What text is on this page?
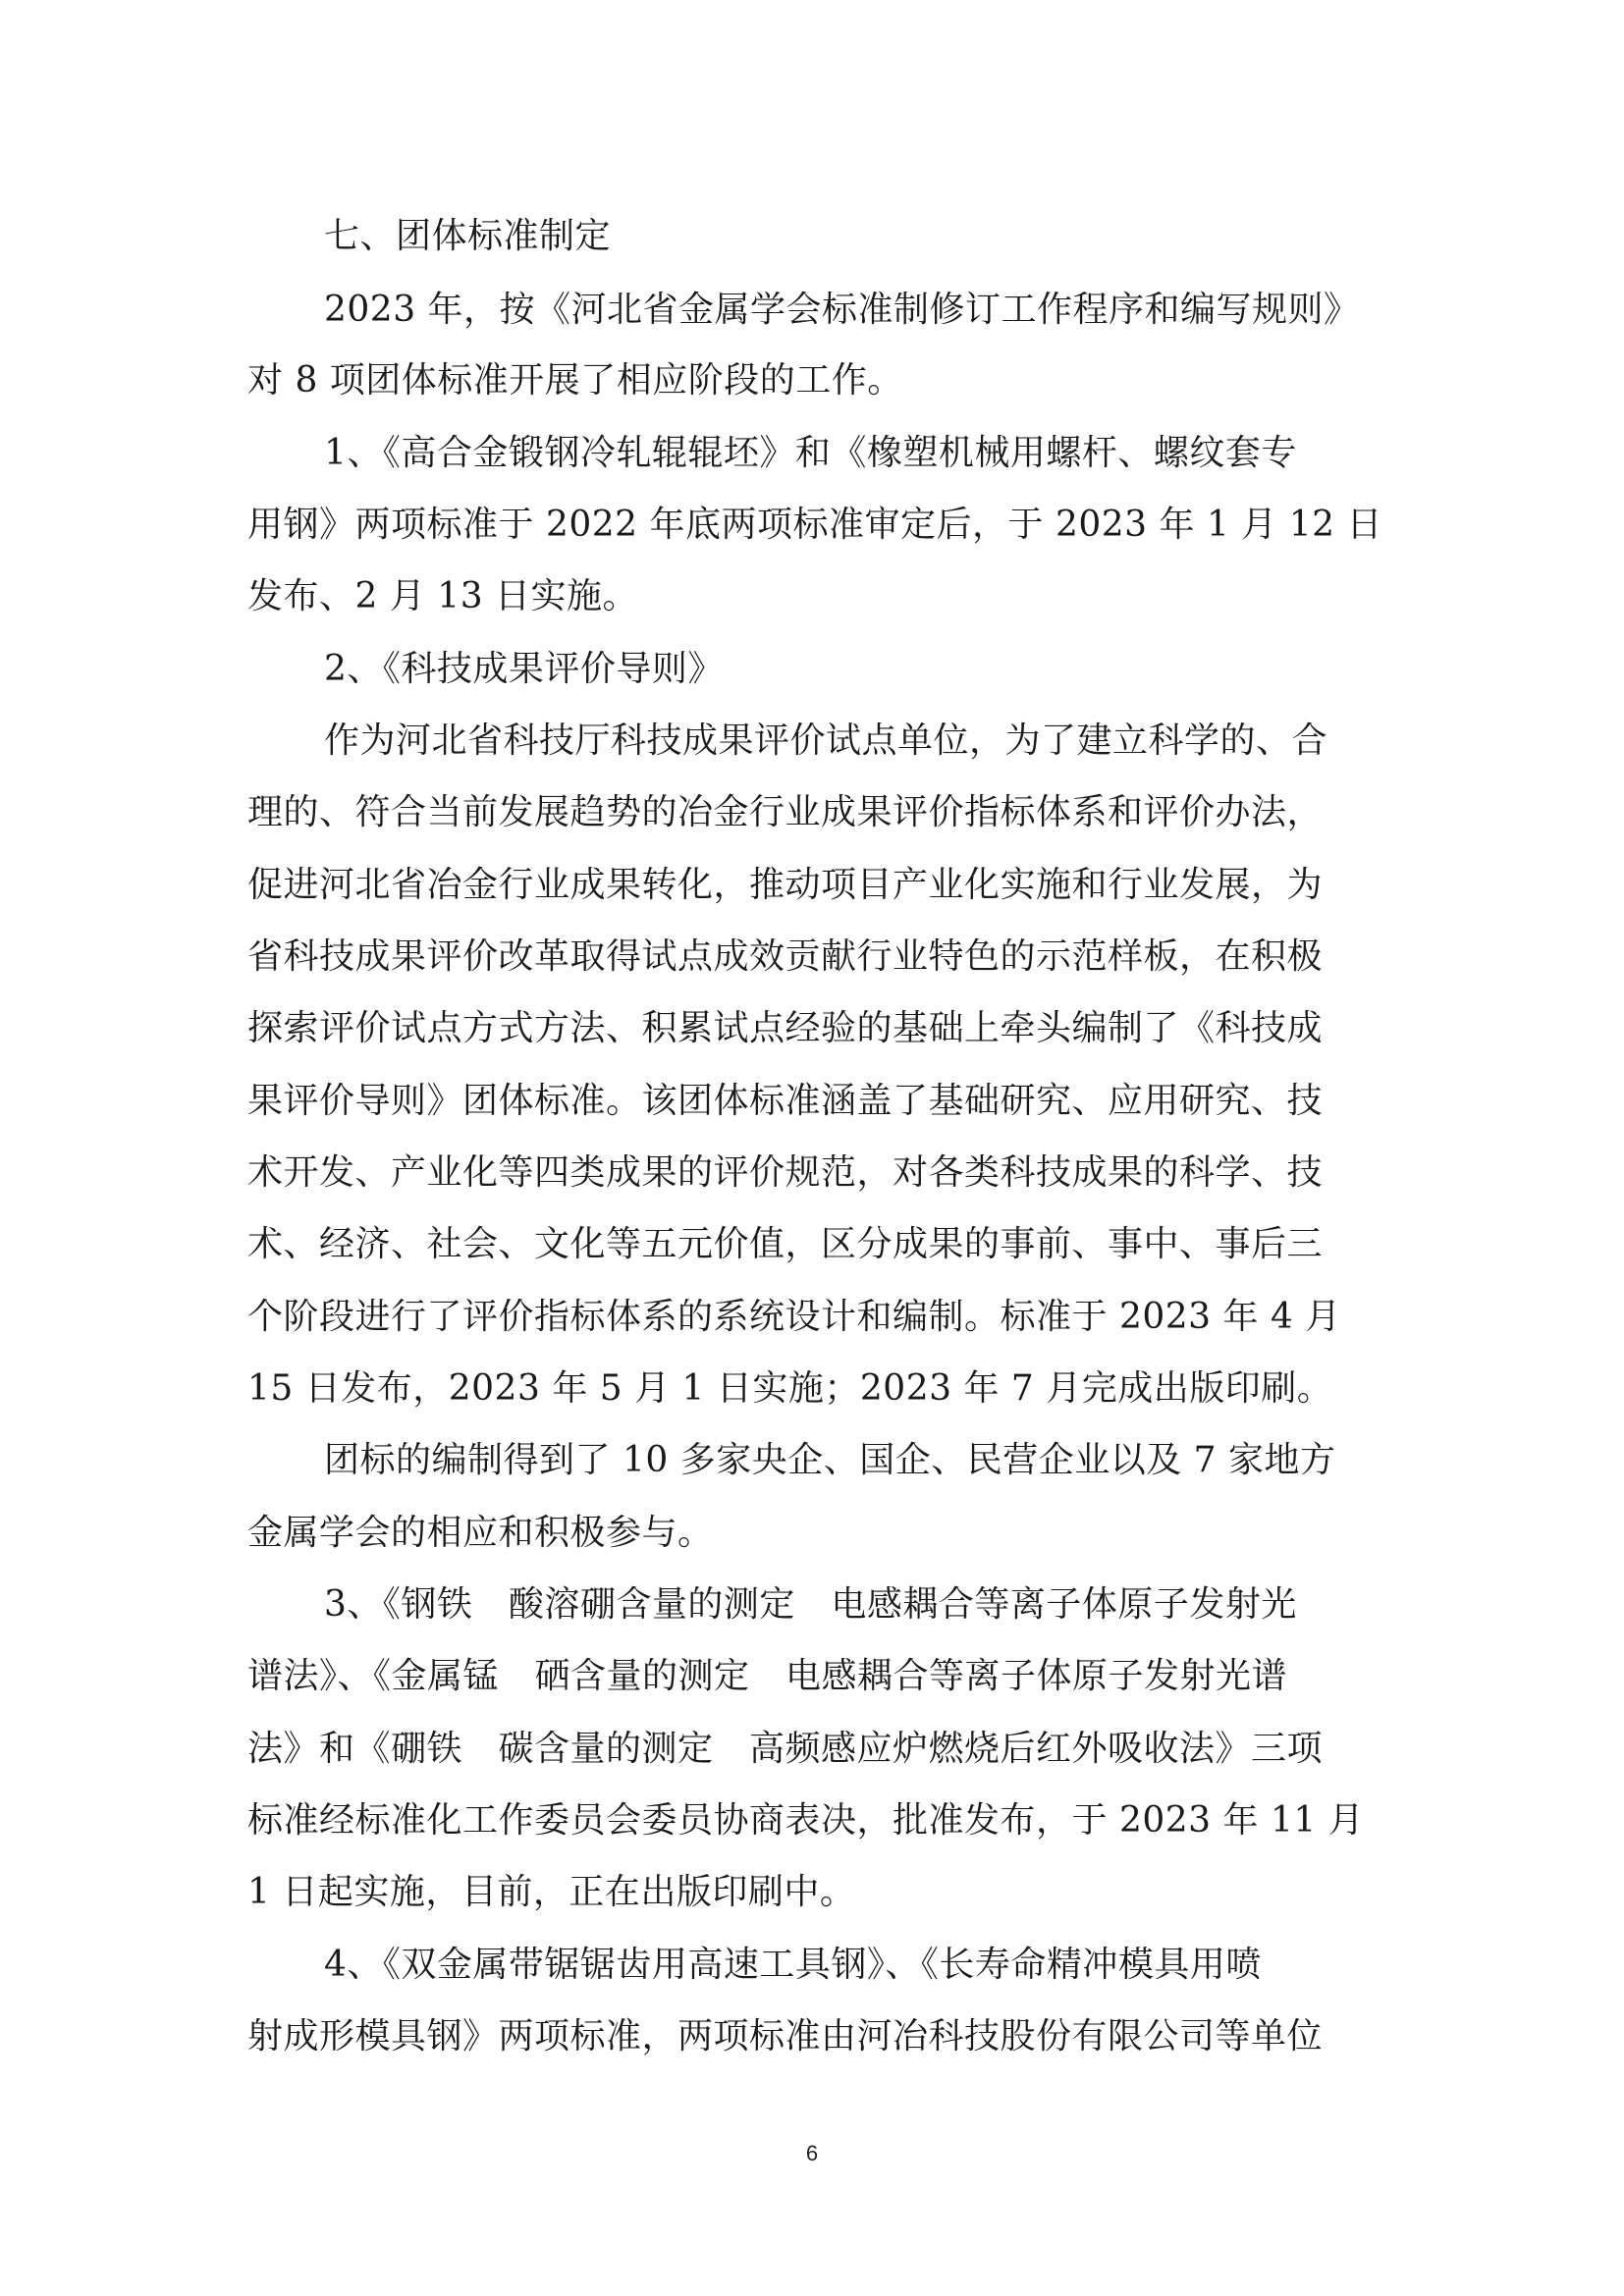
七、团体标准制定
2023 年，按《河北省金属学会标准制修订工作程序和编写规则》
对 8 项团体标准开展了相应阶段的工作。
1、《高合金锻钢冷轧辊辊坯》和《橡塑机械用螺杆、螺纹套专
用钢》两项标准于 2022 年底两项标准审定后，于 2023 年 1 月 12 日
发布、2 月 13 日实施。
2、《科技成果评价导则》
作为河北省科技厅科技成果评价试点单位，为了建立科学的、合
理的、符合当前发展趋势的冶金行业成果评价指标体系和评价办法，
促进河北省冶金行业成果转化，推动项目产业化实施和行业发展，为
省科技成果评价改革取得试点成效贡献行业特色的示范样板，在积极
探索评价试点方式方法、积累试点经验的基础上牵头编制了《科技成
果评价导则》团体标准。该团体标准涵盖了基础研究、应用研究、技
术开发、产业化等四类成果的评价规范，对各类科技成果的科学、技
术、经济、社会、文化等五元价值，区分成果的事前、事中、事后三
个阶段进行了评价指标体系的系统设计和编制。标准于 2023 年 4 月
15 日发布，2023 年 5 月 1 日实施；2023 年 7 月完成出版印刷。
团标的编制得到了 10 多家央企、国企、民营企业以及 7 家地方
金属学会的相应和积极参与。
3、《钢铁　酸溶硼含量的测定　电感耦合等离子体原子发射光
谱法》、《金属锰　硒含量的测定　电感耦合等离子体原子发射光谱
法》和《硼铁　碳含量的测定　高频感应炉燃烧后红外吸收法》三项
标准经标准化工作委员会委员协商表决，批准发布，于 2023 年 11 月
1 日起实施，目前，正在出版印刷中。
4、《双金属带锯锯齿用高速工具钢》、《长寿命精冲模具用喷
射成形模具钢》两项标准，两项标准由河冶科技股份有限公司等单位
6
